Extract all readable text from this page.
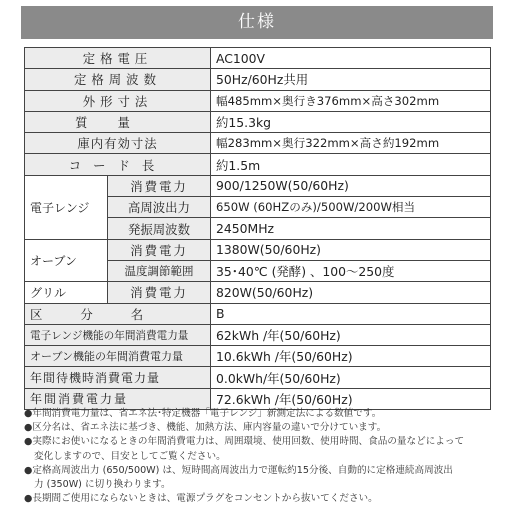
仕様
定格電圧		AC100V
定格周波数		50Hz/60Hz共用
外形寸法		幅485mm×奥行き376mm×高さ302mm
質量		約15.3kg
庫内有効寸法		幅283mm×奥行322mm×高さ約192mm
コード長		約1.5m
電子レンジ	消費電力	900/1250W(50/60Hz)
	高周波出力	650W (60HZのみ)/500W/200W相当
	発振周波数	2450MHz
オーブン	消費電力	1380W(50/60Hz)
	温度調節範囲	35･40℃ (発酵) 、100～250度
グリル	消費電力	820W(50/60Hz)
区分名		B
電子レンジ機能の年間消費電力量		62kWh /年(50/60Hz)
オーブン機能の年間消費電力量		10.6kWh /年(50/60Hz)
年間待機時消費電力量		0.0kWh/年(50/60Hz)
年間消費電力量		72.6kWh /年(50/60Hz)
●年間消費電力量は、省エネ法･特定機器「電子レンジ」新測定法による数値です。
●区分名は、省エネ法に基づき、機能、加熱方法、庫内容量の違いで分けています。
●実際にお使いになるときの年間消費電力は、周囲環境、使用回数、使用時間、食品の量などによって
変化しますので、目安としてご覧ください。
●定格高周波出力 (650/500W) は、短時間高周波出力で運転約15分後、自動的に定格連続高周波出
力 (350W) に切り換わります。
●長期間ご使用にならないときは、電源プラグをコンセントから抜いてください。
